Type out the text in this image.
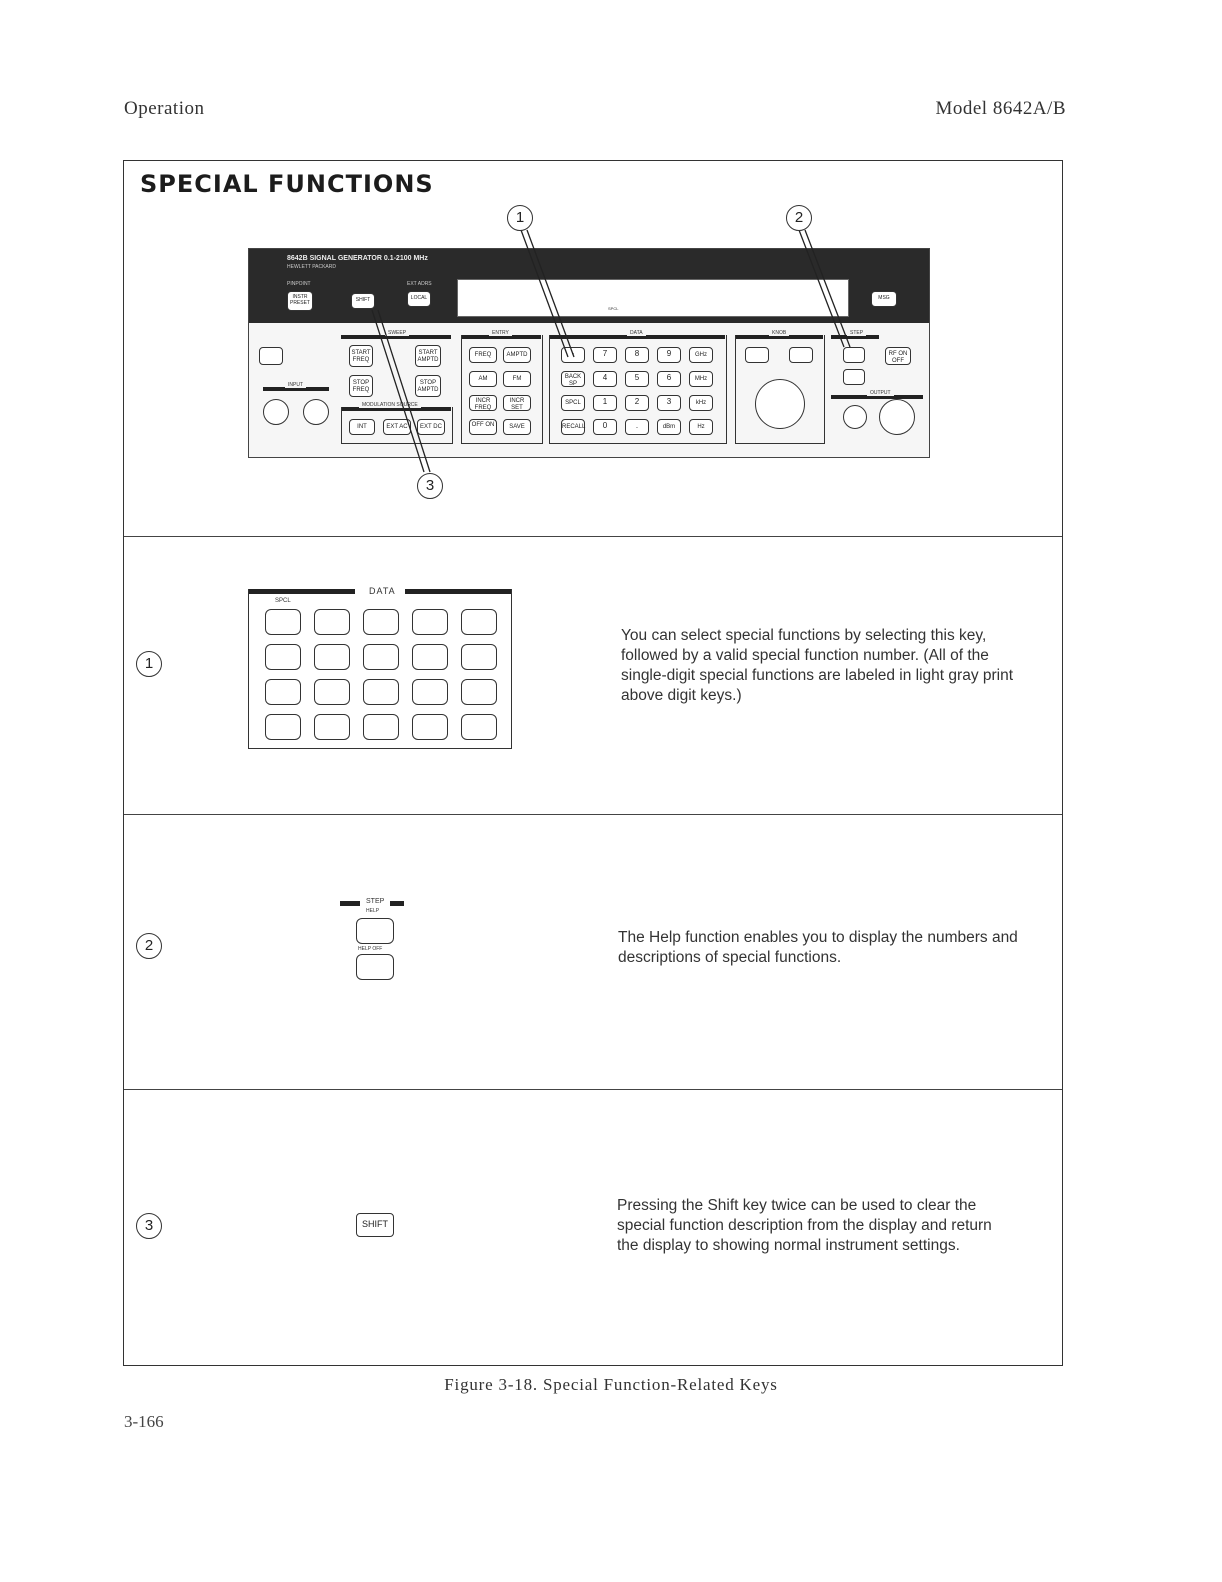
Operation	Model 8642A/B
SPECIAL FUNCTIONS
8642B SIGNAL GENERATOR 0.1-2100 MHz
HEWLETT PACKARD
PINPOINT
INSTR PRESET	SHIFT
EXT ADRS
LOCAL
SPCL
MSG
SWEEP	ENTRY	DATA	KNOB	STEP
OUTPUT
MODULATION SOURCE
INPUT
START FREQ
START AMPTD
STOP FREQ
STOP AMPTD
INT	EXT AC	EXT DC
FREQ	AMPTD
AM	FM
INCR FREQ
INCR SET
OFF ON	SAVE
7	8	9	GHz
BACK SP
4	5	6	MHz
SPCL	1	2	3	kHz
RECALL	0	.	dBm	Hz
RF ON OFF
1	2
3
1
DATA
SPCL

You can select special functions by selecting this key, followed by a valid special function number. (All of the single-digit special functions are labeled in light gray print above digit keys.)

2
STEP
HELP
HELP OFF

The Help function enables you to display the numbers and descriptions of special functions.

3	SHIFT

Pressing the Shift key twice can be used to clear the special function description from the display and return the display to showing normal instrument settings.

Figure 3-18. Special Function-Related Keys
3-166
